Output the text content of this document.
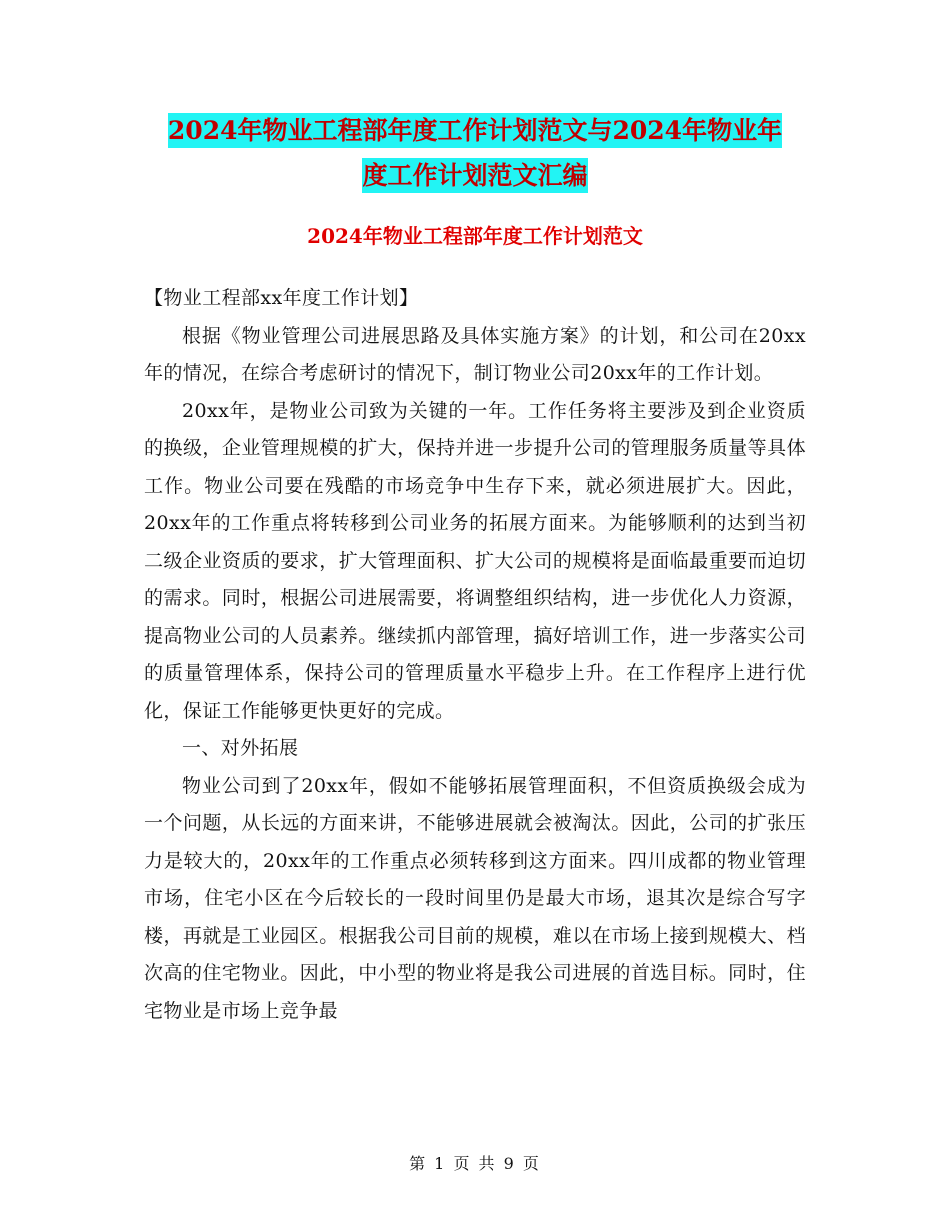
2024年物业工程部年度工作计划范文与2024年物业年
度工作计划范文汇编
2024年物业工程部年度工作计划范文

【物业工程部xx年度工作计划】

根据《物业管理公司进展思路及具体实施方案》的计划，和公司在20xx年的情况，在综合考虑研讨的情况下，制订物业公司20xx年的工作计划。

20xx年，是物业公司致为关键的一年。工作任务将主要涉及到企业资质的换级，企业管理规模的扩大，保持并进一步提升公司的管理服务质量等具体工作。物业公司要在残酷的市场竞争中生存下来，就必须进展扩大。因此，20xx年的工作重点将转移到公司业务的拓展方面来。为能够顺利的达到当初二级企业资质的要求，扩大管理面积、扩大公司的规模将是面临最重要而迫切的需求。同时，根据公司进展需要，将调整组织结构，进一步优化人力资源，提高物业公司的人员素养。继续抓内部管理，搞好培训工作，进一步落实公司的质量管理体系，保持公司的管理质量水平稳步上升。在工作程序上进行优化，保证工作能够更快更好的完成。

一、对外拓展

物业公司到了20xx年，假如不能够拓展管理面积，不但资质换级会成为一个问题，从长远的方面来讲，不能够进展就会被淘汰。因此，公司的扩张压力是较大的，20xx年的工作重点必须转移到这方面来。四川成都的物业管理市场，住宅小区在今后较长的一段时间里仍是最大市场，退其次是综合写字楼，再就是工业园区。根据我公司目前的规模，难以在市场上接到规模大、档次高的住宅物业。因此，中小型的物业将是我公司进展的首选目标。同时，住宅物业是市场上竞争最

第 1 页 共 9 页
